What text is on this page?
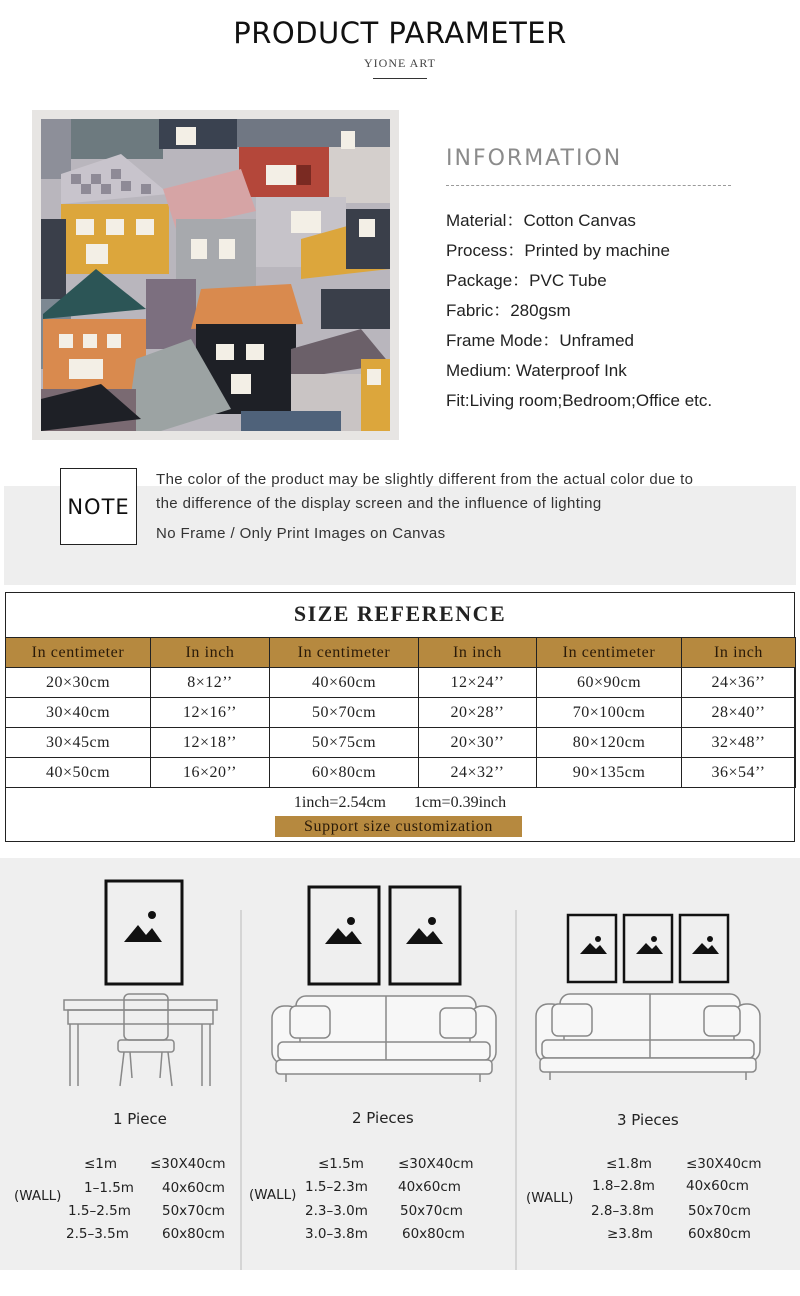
PRODUCT PARAMETER
YIONE ART
INFORMATION
Material：Cotton Canvas
Process：Printed by machine
Package：PVC Tube
Fabric：280gsm
Frame Mode：Unframed
Medium: Waterproof Ink
Fit:Living room;Bedroom;Office etc.
NOTE
The color of the product may be slightly different from the actual color due to
the difference of the display screen and the influence of lighting
No Frame / Only Print Images on Canvas
SIZE REFERENCE
In centimeter	In inch	In centimeter	In inch	In centimeter	In inch
20×30cm	8×12’’	40×60cm	12×24’’	60×90cm	24×36’’
30×40cm	12×16’’	50×70cm	20×28’’	70×100cm	28×40’’
30×45cm	12×18’’	50×75cm	20×30’’	80×120cm	32×48’’
40×50cm	16×20’’	60×80cm	24×32’’	90×135cm	36×54’’
1inch=2.54cm 1cm=0.39inch
Support size customization
1 Piece
(WALL)
≤1m ≤30X40cm
1–1.5m 40x60cm
1.5–2.5m 50x70cm
2.5–3.5m 60x80cm
2 Pieces
(WALL)
≤1.5m	≤30X40cm
1.5–2.3m 40x60cm
2.3–3.0m 50x70cm
3.0–3.8m	60x80cm
3 Pieces
(WALL)
≤1.8m	≤30X40cm
1.8–2.8m 40x60cm
2.8–3.8m	50x70cm
≥3.8m	60x80cm
